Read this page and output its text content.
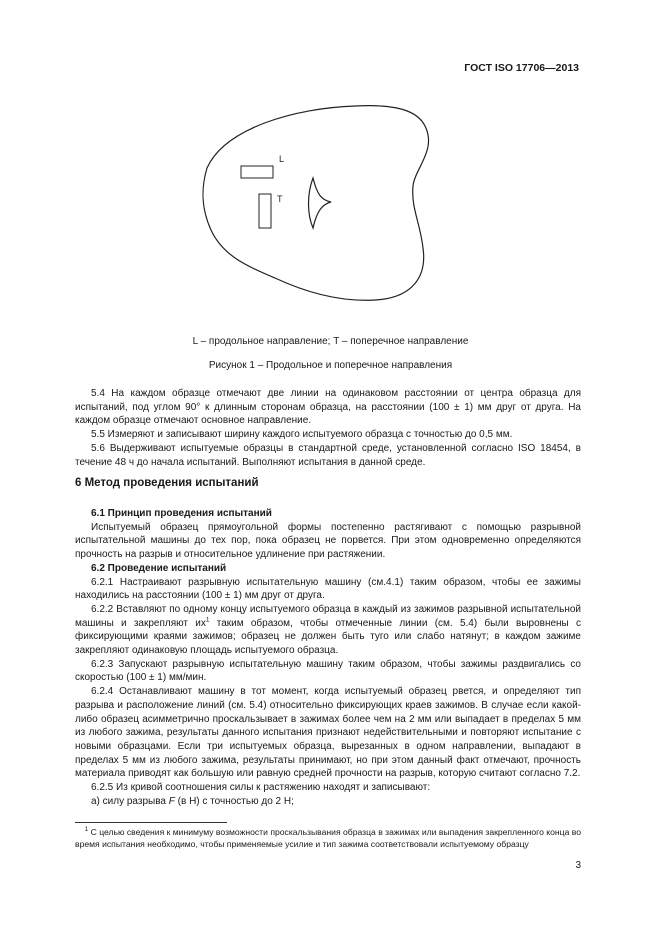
ГОСТ ISO 17706—2013
L
T
L – продольное направление; T – поперечное направление
Рисунок 1 – Продольное и поперечное направления

5.4 На каждом образце отмечают две линии на одинаковом расстоянии от центра образца для испытаний, под углом 90° к длинным сторонам образца, на расстоянии (100 ± 1) мм друг от друга. На каждом образце отмечают основное направление.

5.5 Измеряют и записывают ширину каждого испытуемого образца с точностью до 0,5 мм.

5.6 Выдерживают испытуемые образцы в стандартной среде, установленной согласно ISO 18454, в течение 48 ч до начала испытаний. Выполняют испытания в данной среде.

6 Метод проведения испытаний

6.1 Принцип проведения испытаний

Испытуемый образец прямоугольной формы постепенно растягивают с помощью разрывной испытательной машины до тех пор, пока образец не порвется. При этом одновременно определяются прочность на разрыв и относительное удлинение при растяжении.

6.2 Проведение испытаний

6.2.1 Настраивают разрывную испытательную машину (см.4.1) таким образом, чтобы ее зажимы находились на расстоянии (100 ± 1) мм друг от друга.

6.2.2 Вставляют по одному концу испытуемого образца в каждый из зажимов разрывной испытательной машины и закрепляют $их^1$ таким образом, чтобы отмеченные линии (см. 5.4) были выровнены с фиксирующими краями зажимов; образец не должен быть туго или слабо натянут; в каждом зажиме закрепляют одинаковую площадь испытуемого образца.

6.2.3 Запускают разрывную испытательную машину таким образом, чтобы зажимы раздвигались со скоростью (100 ± 1) мм/мин.

6.2.4 Останавливают машину в тот момент, когда испытуемый образец рвется, и определяют тип разрыва и расположение линий (см. 5.4) относительно фиксирующих краев зажимов. В случае если какой-либо образец асимметрично проскальзывает в зажимах более чем на 2 мм или выпадает в пределах 5 мм из любого зажима, результаты данного испытания признают недействительными и повторяют испытание с новыми образцами. Если три испытуемых образца, вырезанных в одном направлении, выпадают в пределах 5 мм из любого зажима, результаты принимают, но при этом данный факт отмечают, прочность материала приводят как большую или равную средней прочности на разрыв, которую считают согласно 7.2.

6.2.5 Из кривой соотношения силы к растяжению находят и записывают:

а) силу разрыва F (в Н) с точностью до 2 Н;

$^1$ С целью сведения к минимуму возможности проскальзывания образца в зажимах или выпадения закрепленного конца во время испытания необходимо, чтобы применяемые усилие и тип зажима соответствовали испытуемому образцу
3
